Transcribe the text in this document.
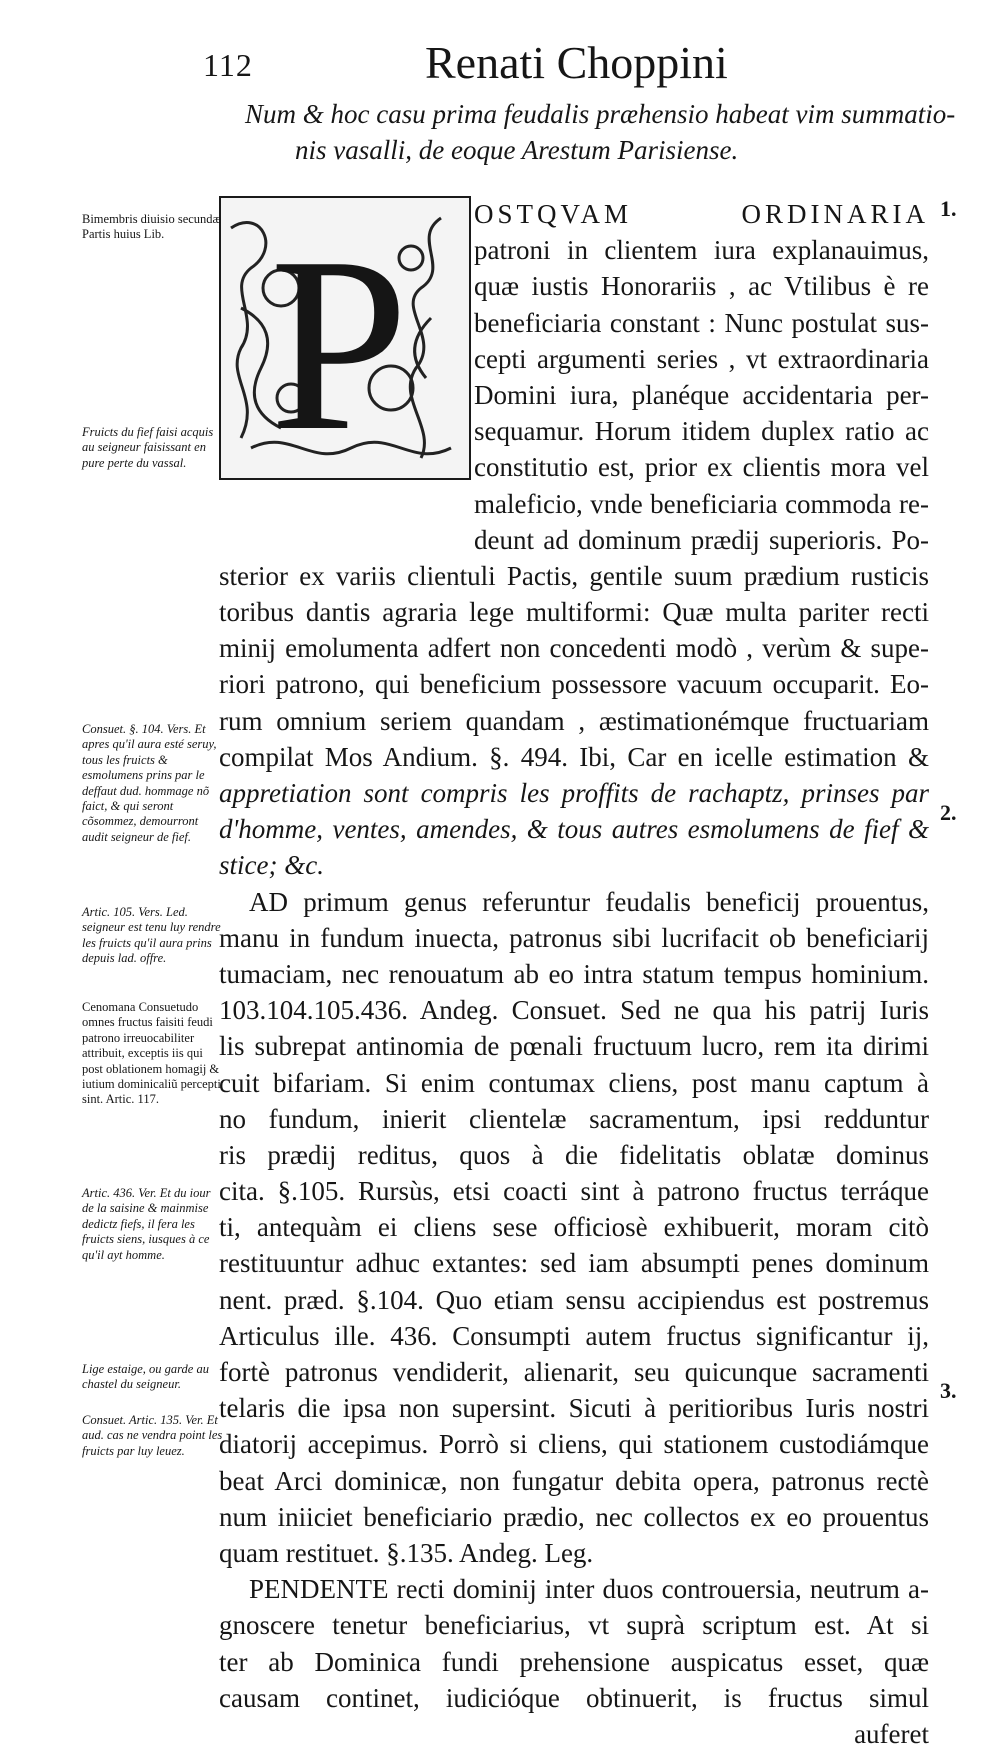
112	Renati Choppini
Num & hoc casu prima feudalis præhensio habeat vim summatio-
nis vasalli, de eoque Arestum Parisiense.
P	OSTQVAM ORDINARIA
patroni in clientem iura explanauimus,
quæ iustis Honorariis , ac Vtilibus è re
beneficiaria constant : Nunc postulat sus-
cepti argumenti series , vt extraordinaria
Domini iura, planéque accidentaria per-
sequamur. Horum itidem duplex ratio ac
constitutio est, prior ex clientis mora vel
maleficio, vnde beneficiaria commoda re-
deunt ad dominum prædij superioris. Po-
sterior ex variis clientuli Pactis, gentile suum prædium rusticis
toribus dantis agraria lege multiformi: Quæ multa pariter recti
minij emolumenta adfert non concedenti modò , verùm & supe-
riori patrono, qui beneficium possessore vacuum occuparit. Eo-
rum omnium seriem quandam , æstimationémque fructuariam
compilat Mos Andium. §. 494. Ibi, Car en icelle estimation &
appretiation sont compris les proffits de rachaptz, prinses par
d'homme, ventes, amendes, & tous autres esmolumens de fief &
stice; &c.
AD primum genus referuntur feudalis beneficij prouentus,
manu in fundum inuecta, patronus sibi lucrifacit ob beneficiarij
tumaciam, nec renouatum ab eo intra statum tempus hominium.
103.104.105.436. Andeg. Consuet. Sed ne qua his patrij Iuris
lis subrepat antinomia de pœnali fructuum lucro, rem ita dirimi
cuit bifariam. Si enim contumax cliens, post manu captum à
no fundum, inierit clientelæ sacramentum, ipsi redduntur
ris prædij reditus, quos à die fidelitatis oblatæ dominus
cita. §.105. Rursùs, etsi coacti sint à patrono fructus terráque
ti, antequàm ei cliens sese officiosè exhibuerit, moram citò
restituuntur adhuc extantes: sed iam absumpti penes dominum
nent. præd. §.104. Quo etiam sensu accipiendus est postremus
Articulus ille. 436. Consumpti autem fructus significantur ij,
fortè patronus vendiderit, alienarit, seu quicunque sacramenti
telaris die ipsa non supersint. Sicuti à peritioribus Iuris nostri
diatorij accepimus. Porrò si cliens, qui stationem custodiámque
beat Arci dominicæ, non fungatur debita opera, patronus rectè
num iniiciet beneficiario prædio, nec collectos ex eo prouentus
quam restituet. §.135. Andeg. Leg.
PENDENTE recti dominij inter duos controuersia, neutrum a-
gnoscere tenetur beneficiarius, vt suprà scriptum est. At si
ter ab Dominica fundi prehensione auspicatus esset, quæ
causam continet, iudicióque obtinuerit, is fructus simul
auferet
Bimembris diuisio secundæ Partis huius Lib.
Fruicts du fief faisi acquis au seigneur faisissant en pure perte du vassal.
Consuet. §. 104. Vers. Et apres qu'il aura esté seruy, tous les fruicts & esmolumens prins par le deffaut dud. hommage nõ faict, & qui seront cõsommez, demourront audit seigneur de fief.
Artic. 105. Vers. Led. seigneur est tenu luy rendre les fruicts qu'il aura prins depuis lad. offre.
Cenomana Consuetudo omnes fructus faisiti feudi patrono irreuocabiliter attribuit, exceptis iis qui post oblationem homagij & iutium dominicaliũ percepti sint. Artic. 117.
Artic. 436. Ver. Et du iour de la saisine & mainmise dedictz fiefs, il fera les fruicts siens, iusques à ce qu'il ayt homme.
Lige estaige, ou garde au chastel du seigneur.
Consuet. Artic. 135. Ver. Et aud. cas ne vendra point les fruicts par luy leuez.
1.
2.
3.
